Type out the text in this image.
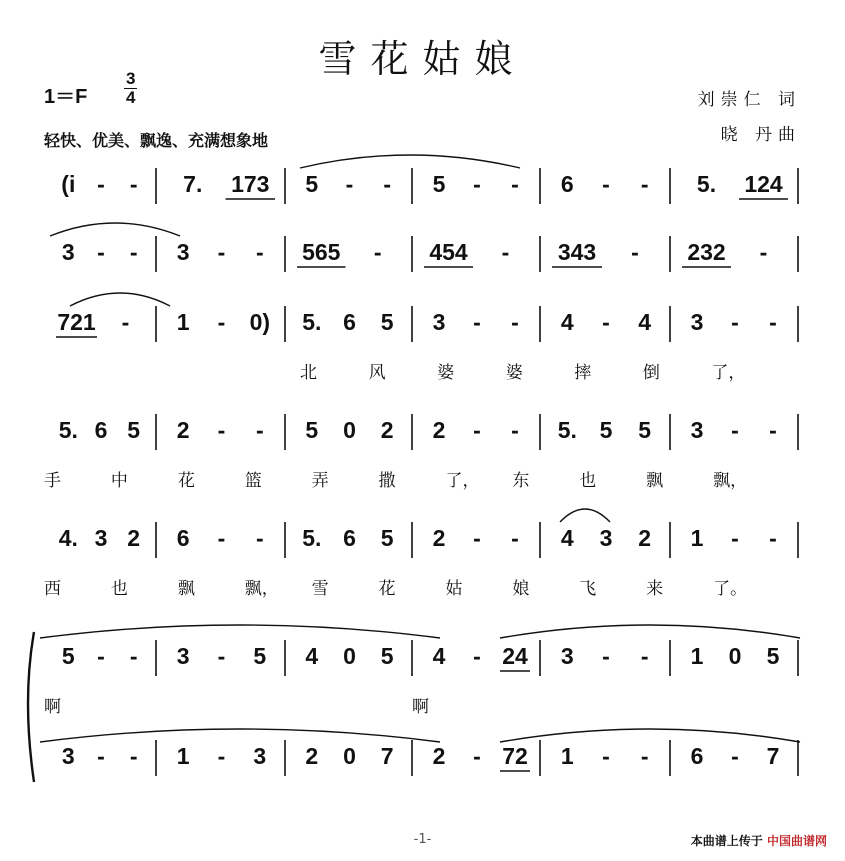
雪花姑娘
1＝F
3
4
轻快、优美、飘逸、充满想象地
刘崇仁 词
晓 丹曲
(i - - 7. 173 5 - - 5 - - 6 - - 5. 124
3 - - 3 - - 565 - 454 - 343 - 232 -
721 - 1 - 0) 5. 6 5 3 - - 4 - 4 3 - -
北	风	婆	婆	摔	倒	了，
5. 6 5 2 - - 5 0 2 2 - - 5. 5 5 3 - -
手	中	花	篮	弄	撒	了， 东	也	飘	飘，
4. 3 2 6 - - 5. 6 5 2 - - 4 3 2 1 - -
西	也	飘	飘， 雪	花	姑	娘	飞	来	了。
5 - - 3 - 5 4 0 5 4 - 24 3 - - 1 0 5
啊	啊
3 - - 1 - 3 2 0 7 2 - 72 1 - - 6 - 7
-1-	本曲谱上传于 中国曲谱网
